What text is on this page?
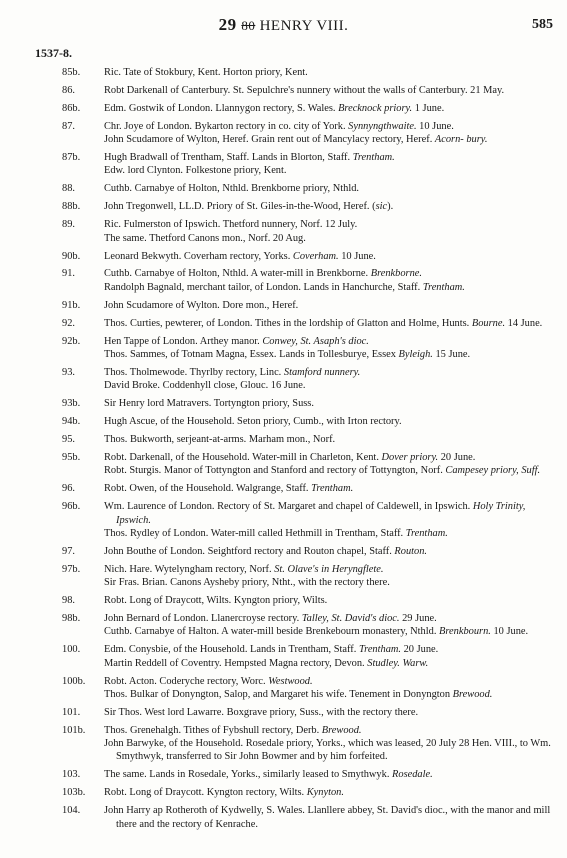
29 80 HENRY VIII.	585
1537-8.
85b.	Ric. Tate of Stokbury, Kent. Horton priory, Kent.
86.	Robt Darkenall of Canterbury. St. Sepulchre's nunnery without the walls of Canterbury. 21 May.
86b.	Edm. Gostwik of London. Llannygon rectory, S. Wales. Brecknock priory. 1 June.
87.	Chr. Joye of London. Bykarton rectory in co. city of York. Synnyngthwaite. 10 June.
John Scudamore of Wylton, Heref. Grain rent out of Mancylacy rectory, Heref. Acorn- bury.
87b.	Hugh Bradwall of Trentham, Staff. Lands in Blorton, Staff. Trentham.
Edw. lord Clynton. Folkestone priory, Kent.
88.	Cuthb. Carnabye of Holton, Nthld. Brenkborne priory, Nthld.
88b.	John Tregonwell, LL.D. Priory of St. Giles-in-the-Wood, Heref. (sic).
89.	Ric. Fulmerston of Ipswich. Thetford nunnery, Norf. 12 July.
The same. Thetford Canons mon., Norf. 20 Aug.
90b.	Leonard Bekwyth. Coverham rectory, Yorks. Coverham. 10 June.
91.	Cuthb. Carnabye of Holton, Nthld. A water-mill in Brenkborne. Brenkborne.
Randolph Bagnald, merchant tailor, of London. Lands in Hanchurche, Staff. Trentham.
91b.	John Scudamore of Wylton. Dore mon., Heref.
92.	Thos. Curties, pewterer, of London. Tithes in the lordship of Glatton and Holme, Hunts. Bourne. 14 June.
92b.	Hen Tappe of London. Arthey manor. Conwey, St. Asaph's dioc.
Thos. Sammes, of Totnam Magna, Essex. Lands in Tollesburye, Essex Byleigh. 15 June.
93.	Thos. Tholmewode. Thyrlby rectory, Linc. Stamford nunnery.
David Broke. Coddenhyll close, Glouc. 16 June.
93b.	Sir Henry lord Matravers. Tortyngton priory, Suss.
94b.	Hugh Ascue, of the Household. Seton priory, Cumb., with Irton rectory.
95.	Thos. Bukworth, serjeant-at-arms. Marham mon., Norf.
95b.	Robt. Darkenall, of the Household. Water-mill in Charleton, Kent. Dover priory. 20 June.
Robt. Sturgis. Manor of Tottyngton and Stanford and rectory of Tottyngton, Norf. Campesey priory, Suff.
96.	Robt. Owen, of the Household. Walgrange, Staff. Trentham.
96b.	Wm. Laurence of London. Rectory of St. Margaret and chapel of Caldewell, in Ipswich. Holy Trinity, Ipswich.
Thos. Rydley of London. Water-mill called Hethmill in Trentham, Staff. Trentham.
97.	John Bouthe of London. Seightford rectory and Routon chapel, Staff. Routon.
97b.	Nich. Hare. Wytelyngham rectory, Norf. St. Olave's in Heryngflete.
Sir Fras. Brian. Canons Aysheby priory, Ntht., with the rectory there.
98.	Robt. Long of Draycott, Wilts. Kyngton priory, Wilts.
98b.	John Bernard of London. Llanercroyse rectory. Talley, St. David's dioc. 29 June.
Cuthb. Carnabye of Halton. A water-mill beside Brenkebourn monastery, Nthld. Brenkbourn. 10 June.
100.	Edm. Conysbie, of the Household. Lands in Trentham, Staff. Trentham. 20 June.
Martin Reddell of Coventry. Hempsted Magna rectory, Devon. Studley. Warw.
100b.	Robt. Acton. Coderyche rectory, Worc. Westwood.
Thos. Bulkar of Donyngton, Salop, and Margaret his wife. Tenement in Donyngton Brewood.
101.	Sir Thos. West lord Lawarre. Boxgrave priory, Suss., with the rectory there.
101b.	Thos. Grenehalgh. Tithes of Fybshull rectory, Derb. Brewood.
John Barwyke, of the Household. Rosedale priory, Yorks., which was leased, 20 July 28 Hen. VIII., to Wm. Smythwyk, transferred to Sir John Bowmer and by him forfeited.
103.	The same. Lands in Rosedale, Yorks., similarly leased to Smythwyk. Rosedale.
103b.	Robt. Long of Draycott. Kyngton rectory, Wilts. Kynyton.
104.	John Harry ap Rotheroth of Kydwelly, S. Wales. Llanllere abbey, St. David's dioc., with the manor and mill there and the rectory of Kenrache.
